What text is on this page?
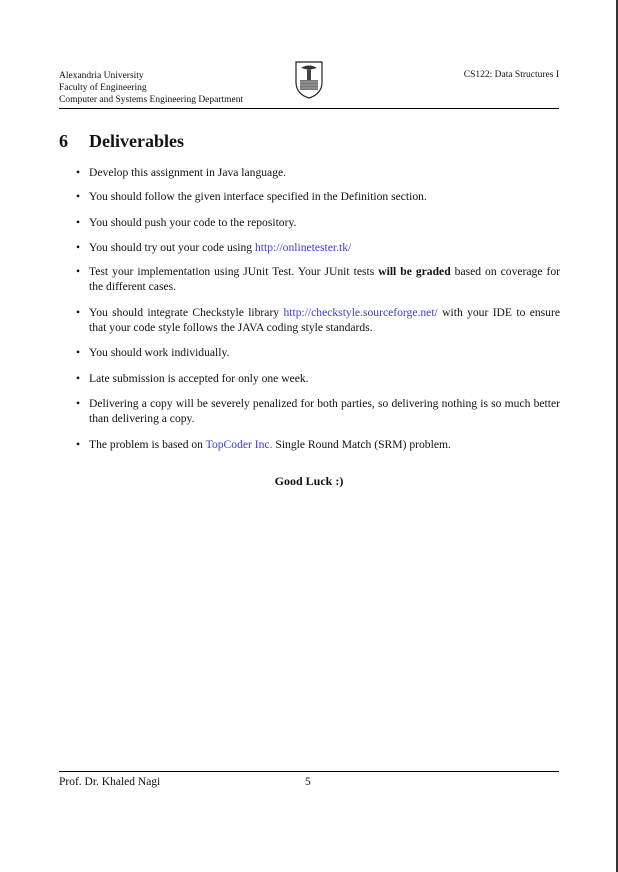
Alexandria University
Faculty of Engineering
Computer and Systems Engineering Department
CS122: Data Structures I
6 Deliverables
• Develop this assignment in Java language.
• You should follow the given interface specified in the Definition section.
• You should push your code to the repository.
• You should try out your code using http://onlinetester.tk/
• Test your implementation using JUnit Test. Your JUnit tests will be graded based on coverage for the different cases.
• You should integrate Checkstyle library http://checkstyle.sourceforge.net/ with your IDE to ensure that your code style follows the JAVA coding style standards.
• You should work individually.
• Late submission is accepted for only one week.
• Delivering a copy will be severely penalized for both parties, so delivering nothing is so much better than delivering a copy.
• The problem is based on TopCoder Inc. Single Round Match (SRM) problem.
Good Luck :)
Prof. Dr. Khaled Nagi	5
